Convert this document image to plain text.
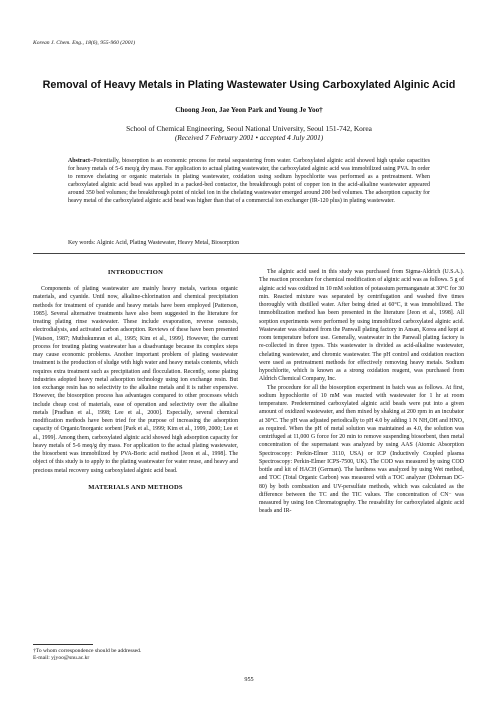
Korean J. Chem. Eng., 18(6), 955-960 (2001)
Removal of Heavy Metals in Plating Wastewater Using Carboxylated Alginic Acid
Choong Jeon, Jae Yeon Park and Young Je Yoo†
School of Chemical Engineering, Seoul National University, Seoul 151-742, Korea
(Received 7 February 2001 • accepted 4 July 2001)
Abstract−Potentially, biosorption is an economic process for metal sequestering from water. Carboxylated alginic acid showed high uptake capacities for heavy metals of 5-6 meq/g dry mass. For application to actual plating wastewater, the carboxylated alginic acid was immobilized using PVA. In order to remove chelating or organic materials in plating wastewater, oxidation using sodium hypochlorite was performed as a pretreatment. When carboxylated alginic acid bead was applied in a packed-bed contactor, the breakthrough point of copper ion in the acid-alkaline wastewater appeared around 350 bed volumes; the breakthrough point of nickel ion in the chelating wastewater emerged around 200 bed volumes. The adsorption capacity for heavy metal of the carboxylated alginic acid bead was higher than that of a commercial ion exchanger (IR-120 plus) in plating wastewater.
Key words: Alginic Acid, Plating Wastewater, Heavy Metal, Biosorption
INTRODUCTION

Components of plating wastewater are mainly heavy metals, various organic materials, and cyanide. Until now, alkaline-chlorination and chemical precipitation methods for treatment of cyanide and heavy metals have been employed [Patterson, 1985]. Several alternative treatments have also been suggested in the literature for treating plating rinse wastewater. These include evaporation, reverse osmosis, electrodialysis, and activated carbon adsorption. Reviews of these have been presented [Watson, 1987; Muthukumran et al., 1995; Kim et al., 1999]. However, the current process for treating plating wastewater has a disadvantage because its complex steps may cause economic problems. Another important problem of plating wastewater treatment is the production of sludge with high water and heavy metals contents, which requires extra treatment such as precipitation and flocculation. Recently, some plating industries adopted heavy metal adsorption technology using ion exchange resin. But ion exchange resin has no selectivity to the alkaline metals and it is rather expensive. However, the biosorption process has advantages compared to other processes which include cheap cost of materials, ease of operation and selectivity over the alkaline metals [Pradhan et al., 1998; Lee et al., 2000]. Especially, several chemical modification methods have been tried for the purpose of increasing the adsorption capacity of Organic/Inorganic sorbent [Park et al., 1999; Kim et al., 1999, 2000; Lee et al., 1999]. Among them, carboxylated alginic acid showed high adsorption capacity for heavy metals of 5-6 meq/g dry mass. For application to the actual plating wastewater, the biosorbent was immobilized by PVA-Boric acid method [Jeon et al., 1998]. The object of this study is to apply to the plating wastewater for water reuse, and heavy and precious metal recovery using carboxylated alginic acid bead.

MATERIALS AND METHODS

The alginic acid used in this study was purchased from Sigma-Aldrich (U.S.A.). The reaction procedure for chemical modification of alginic acid was as follows. 5 g of alginic acid was oxidized in 10 mM solution of potassium permanganate at 30°C for 30 min. Reacted mixture was separated by centrifugation and washed five times thoroughly with distilled water. After being dried at 60°C, it was immobilized. The immobilization method has been presented in the literature [Jeon et al., 1998]. All sorption experiments were performed by using immobilized carboxylated alginic acid. Wastewater was obtained from the Panwall plating factory in Ansan, Korea and kept at room temperature before use. Generally, wastewater in the Panwall plating factory is re-collected in three types. This wastewater is divided as acid-alkaline wastewater, chelating wastewater, and chromic wastewater. The pH control and oxidation reaction were used as pretreatment methods for effectively removing heavy metals. Sodium hypochlorite, which is known as a strong oxidation reagent, was purchased from Aldrich Chemical Company, Inc.

The procedure for all the biosorption experiment in batch was as follows. At first, sodium hypochlorite of 10 mM was reacted with wastewater for 1 hr at room temperature. Predetermined carboxylated alginic acid beads were put into a given amount of oxidized wastewater, and then mixed by shaking at 200 rpm in an incubator at 30°C. The pH was adjusted periodically to pH 4.0 by adding 1 N NH₄OH and HNO₃ as required. When the pH of metal solution was maintained as 4.0, the solution was centrifuged at 11,000 G force for 20 min to remove suspending biosorbent, then metal concentration of the supernatant was analyzed by using AAS (Atomic Absorption Spectroscopy: Perkin-Elmer 3110, USA) or ICP (Inductively Coupled plasma Spectroscopy: Perkin-Elmer ICPS-7500, UK). The COD was measured by using COD bottle and kit of HACH (German). The hardness was analyzed by using Wet method, and TOC (Total Organic Carbon) was measured with a TOC analyzer (Dohrman DC-80) by both combustion and UV-persulfate methods, which was calculated as the difference between the TC and the TIC values. The concentration of CN⁻ was measured by using Ion Chromatography. The reusability for carboxylated alginic acid beads and IR-

†To whom correspondence should be addressed.
E-mail: yjyoo@snu.ac.kr
955
